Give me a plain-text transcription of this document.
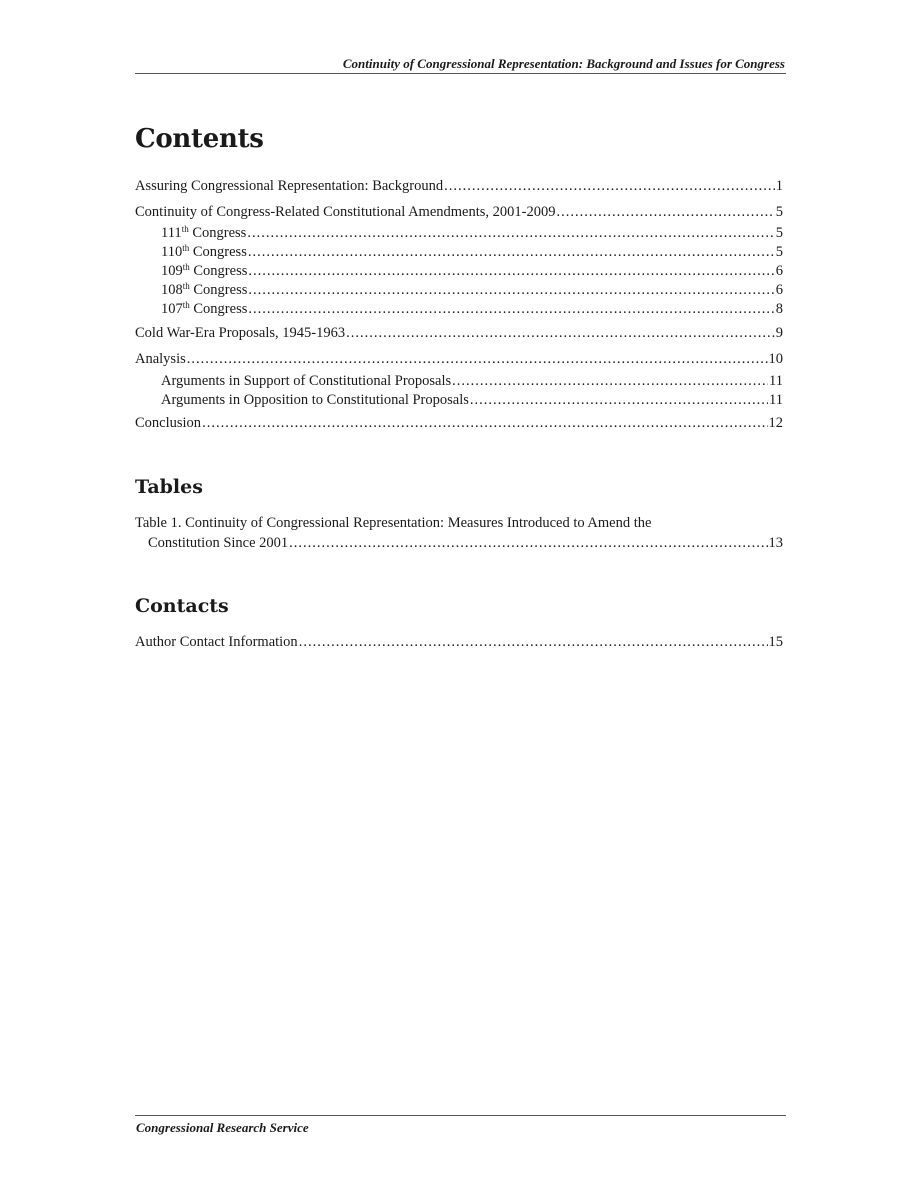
Continuity of Congressional Representation: Background and Issues for Congress
Contents
Assuring Congressional Representation: Background .....	1
Continuity of Congress-Related Constitutional Amendments, 2001-2009 .....	5
111th Congress .....	5
110th Congress .....	5
109th Congress .....	6
108th Congress .....	6
107th Congress .....	8
Cold War-Era Proposals, 1945-1963 .....	9
Analysis .....	10
Arguments in Support of Constitutional Proposals .....	11
Arguments in Opposition to Constitutional Proposals .....	11
Conclusion .....	12
Tables
Table 1. Continuity of Congressional Representation: Measures Introduced to Amend the
Constitution Since 2001 .....	13
Contacts
Author Contact Information .....	15
Congressional Research Service
